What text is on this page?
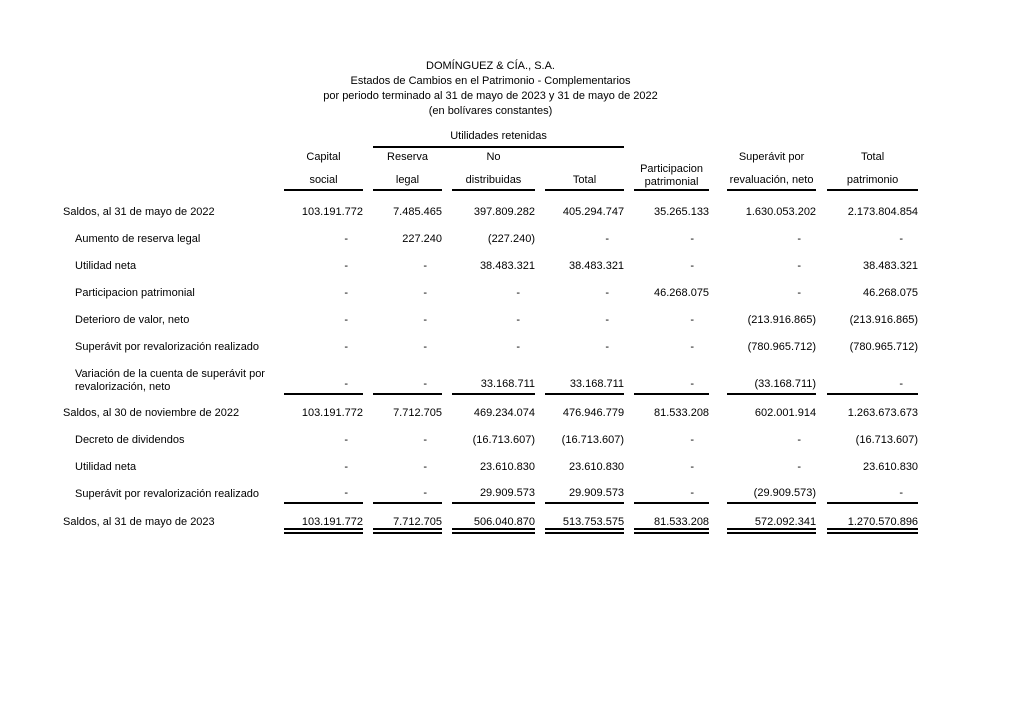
DOMÍNGUEZ & CÍA., S.A.
Estados de Cambios en el Patrimonio - Complementarios
por periodo terminado al 31 de mayo de 2023 y 31 de mayo de 2022
(en bolívares constantes)
			Utilidades retenidas										
	Capital		Reserva		No				Participacion
patrimonial		Superávit por		Total
	social		legal		distribuidas		Total				revaluación, neto		patrimonio

Saldos, al 31 de mayo de 2022	103.191.772		7.485.465		397.809.282		405.294.747		35.265.133		1.630.053.202		2.173.804.854
Aumento de reserva legal	-		227.240		(227.240)		-		-		-		-
Utilidad neta	-		-		38.483.321		38.483.321		-		-		38.483.321
Participacion patrimonial	-		-		-		-		46.268.075		-		46.268.075
Deterioro de valor, neto	-		-		-		-		-		(213.916.865)		(213.916.865)
Superávit por revalorización realizado	-		-		-		-		-		(780.965.712)		(780.965.712)
Variación de la cuenta de superávit por revalorización, neto	-		-		33.168.711		33.168.711		-		(33.168.711)		-

Saldos, al 30 de noviembre de 2022	103.191.772		7.712.705		469.234.074		476.946.779		81.533.208		602.001.914		1.263.673.673
Decreto de dividendos	-		-		(16.713.607)		(16.713.607)		-		-		(16.713.607)
Utilidad neta	-		-		23.610.830		23.610.830		-		-		23.610.830
Superávit por revalorización realizado	-		-		29.909.573		29.909.573		-		(29.909.573)		-

Saldos, al 31 de mayo de 2023	103.191.772		7.712.705		506.040.870		513.753.575		81.533.208		572.092.341		1.270.570.896
